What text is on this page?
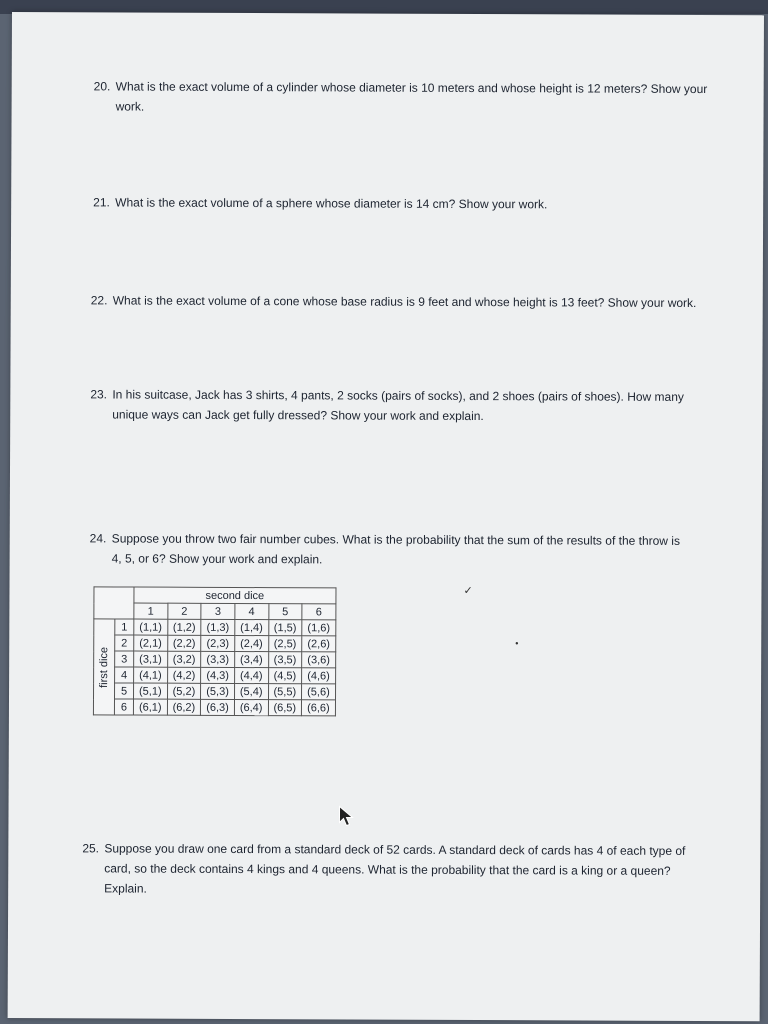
20. What is the exact volume of a cylinder whose diameter is 10 meters and whose height is 12 meters? Show your
work.
21. What is the exact volume of a sphere whose diameter is 14 cm? Show your work.
22. What is the exact volume of a cone whose base radius is 9 feet and whose height is 13 feet? Show your work.
23. In his suitcase, Jack has 3 shirts, 4 pants, 2 socks (pairs of socks), and 2 shoes (pairs of shoes). How many
unique ways can Jack get fully dressed? Show your work and explain.
24. Suppose you throw two fair number cubes. What is the probability that the sum of the results of the throw is
4, 5, or 6? Show your work and explain.
		second dice					
		1	2	3	4	5	6

first dice	1	(1,1)	(1,2)	(1,3)	(1,4)	(1,5)	(1,6)
	2	(2,1)	(2,2)	(2,3)	(2,4)	(2,5)	(2,6)
	3	(3,1)	(3,2)	(3,3)	(3,4)	(3,5)	(3,6)
	4	(4,1)	(4,2)	(4,3)	(4,4)	(4,5)	(4,6)
	5	(5,1)	(5,2)	(5,3)	(5,4)	(5,5)	(5,6)
	6	(6,1)	(6,2)	(6,3)	(6,4)	(6,5)	(6,6)
25. Suppose you draw one card from a standard deck of 52 cards. A standard deck of cards has 4 of each type of
card, so the deck contains 4 kings and 4 queens. What is the probability that the card is a king or a queen?
Explain.
✓
•
